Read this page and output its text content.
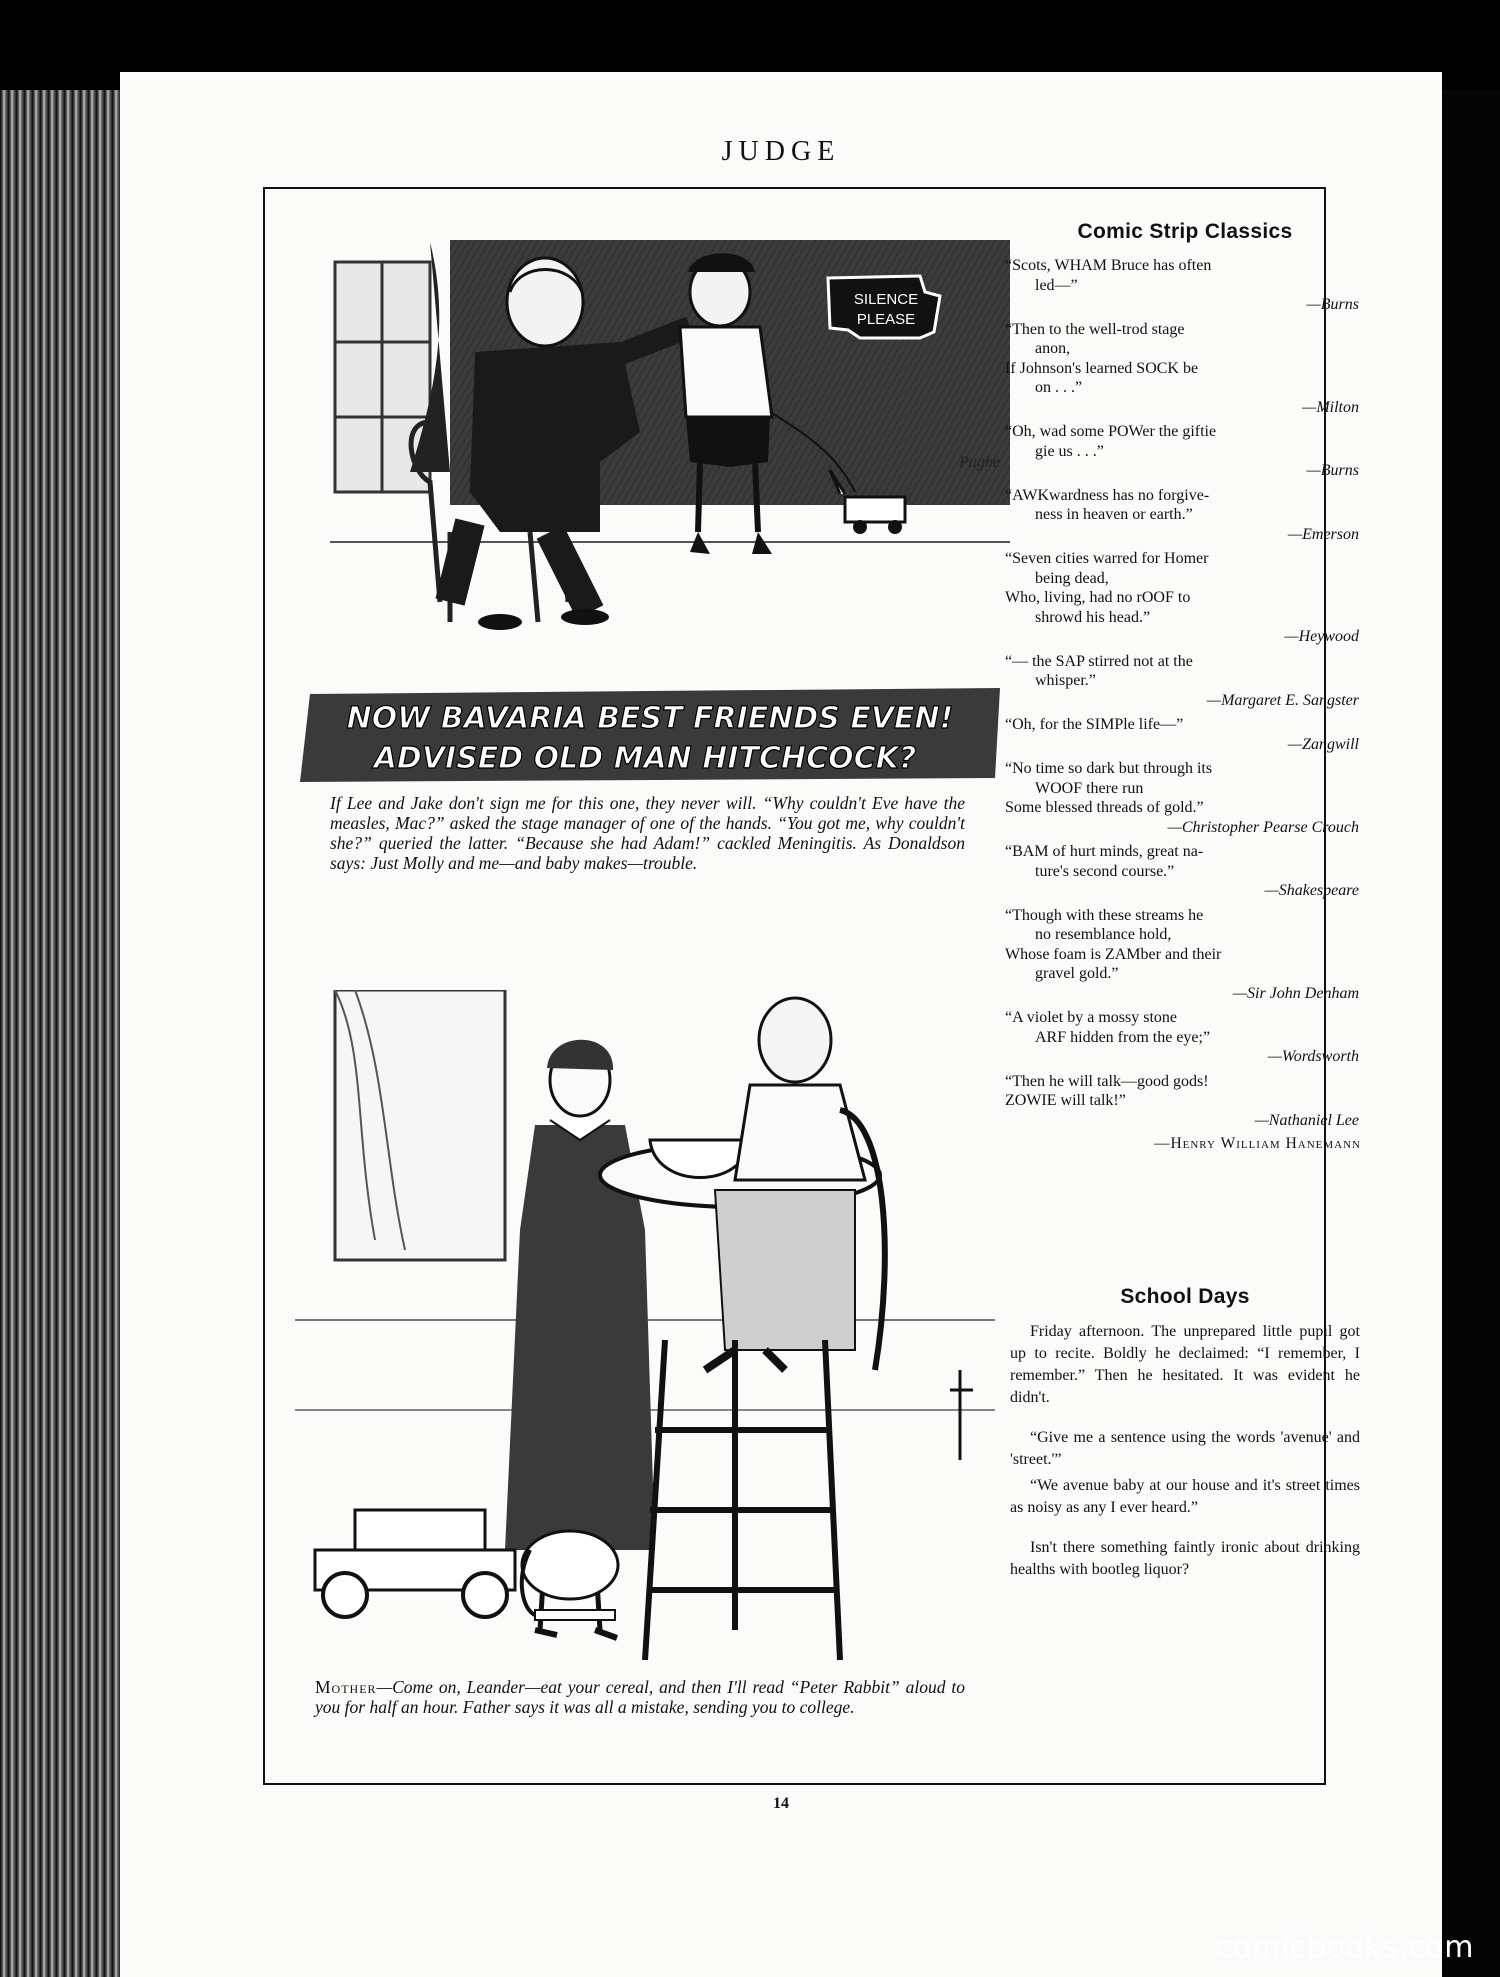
JUDGE
14
SILENCE
PLEASE
Pughe
NOW BAVARIA BEST FRIENDS EVEN!
ADVISED OLD MAN HITCHCOCK?
If Lee and Jake don't sign me for this one, they never will. “Why couldn't Eve have the measles, Mac?” asked the stage manager of one of the hands. “You got me, why couldn't she?” queried the latter. “Because she had Adam!” cackled Meningitis. As Donaldson says: Just Molly and me—and baby makes—trouble.
Mother—Come on, Leander—eat your cereal, and then I'll read “Peter Rabbit” aloud to you for half an hour. Father says it was all a mistake, sending you to college.
Comic Strip Classics
“Scots, WHAM Bruce has often
led—”
—Burns
“Then to the well-trod stage
anon,
If Johnson's learned SOCK be
on . . .”
—Milton
“Oh, wad some POWer the giftie
gie us . . .”
—Burns
“AWKwardness has no forgive-
ness in heaven or earth.”
—Emerson
“Seven cities warred for Homer
being dead,
Who, living, had no rOOF to
shrowd his head.”
—Heywood
“— the SAP stirred not at the
whisper.”
—Margaret E. Sangster
“Oh, for the SIMPle life—”
—Zangwill
“No time so dark but through its
WOOF there run
Some blessed threads of gold.”
—Christopher Pearse Crouch
“BAM of hurt minds, great na-
ture's second course.”
—Shakespeare
“Though with these streams he
no resemblance hold,
Whose foam is ZAMber and their
gravel gold.”
—Sir John Denham
“A violet by a mossy stone
ARF hidden from the eye;”
—Wordsworth
“Then he will talk—good gods!
ZOWIE will talk!”
—Nathaniel Lee
—Henry William Hanemann
School Days

Friday afternoon. The unprepared little pupil got up to recite. Boldly he declaimed: “I remember, I remember.” Then he hesitated. It was evident he didn't.

“Give me a sentence using the words 'avenue' and 'street.'”

“We avenue baby at our house and it's street times as noisy as any I ever heard.”

Isn't there something faintly ironic about drinking healths with bootleg liquor?

comicbooks.com
